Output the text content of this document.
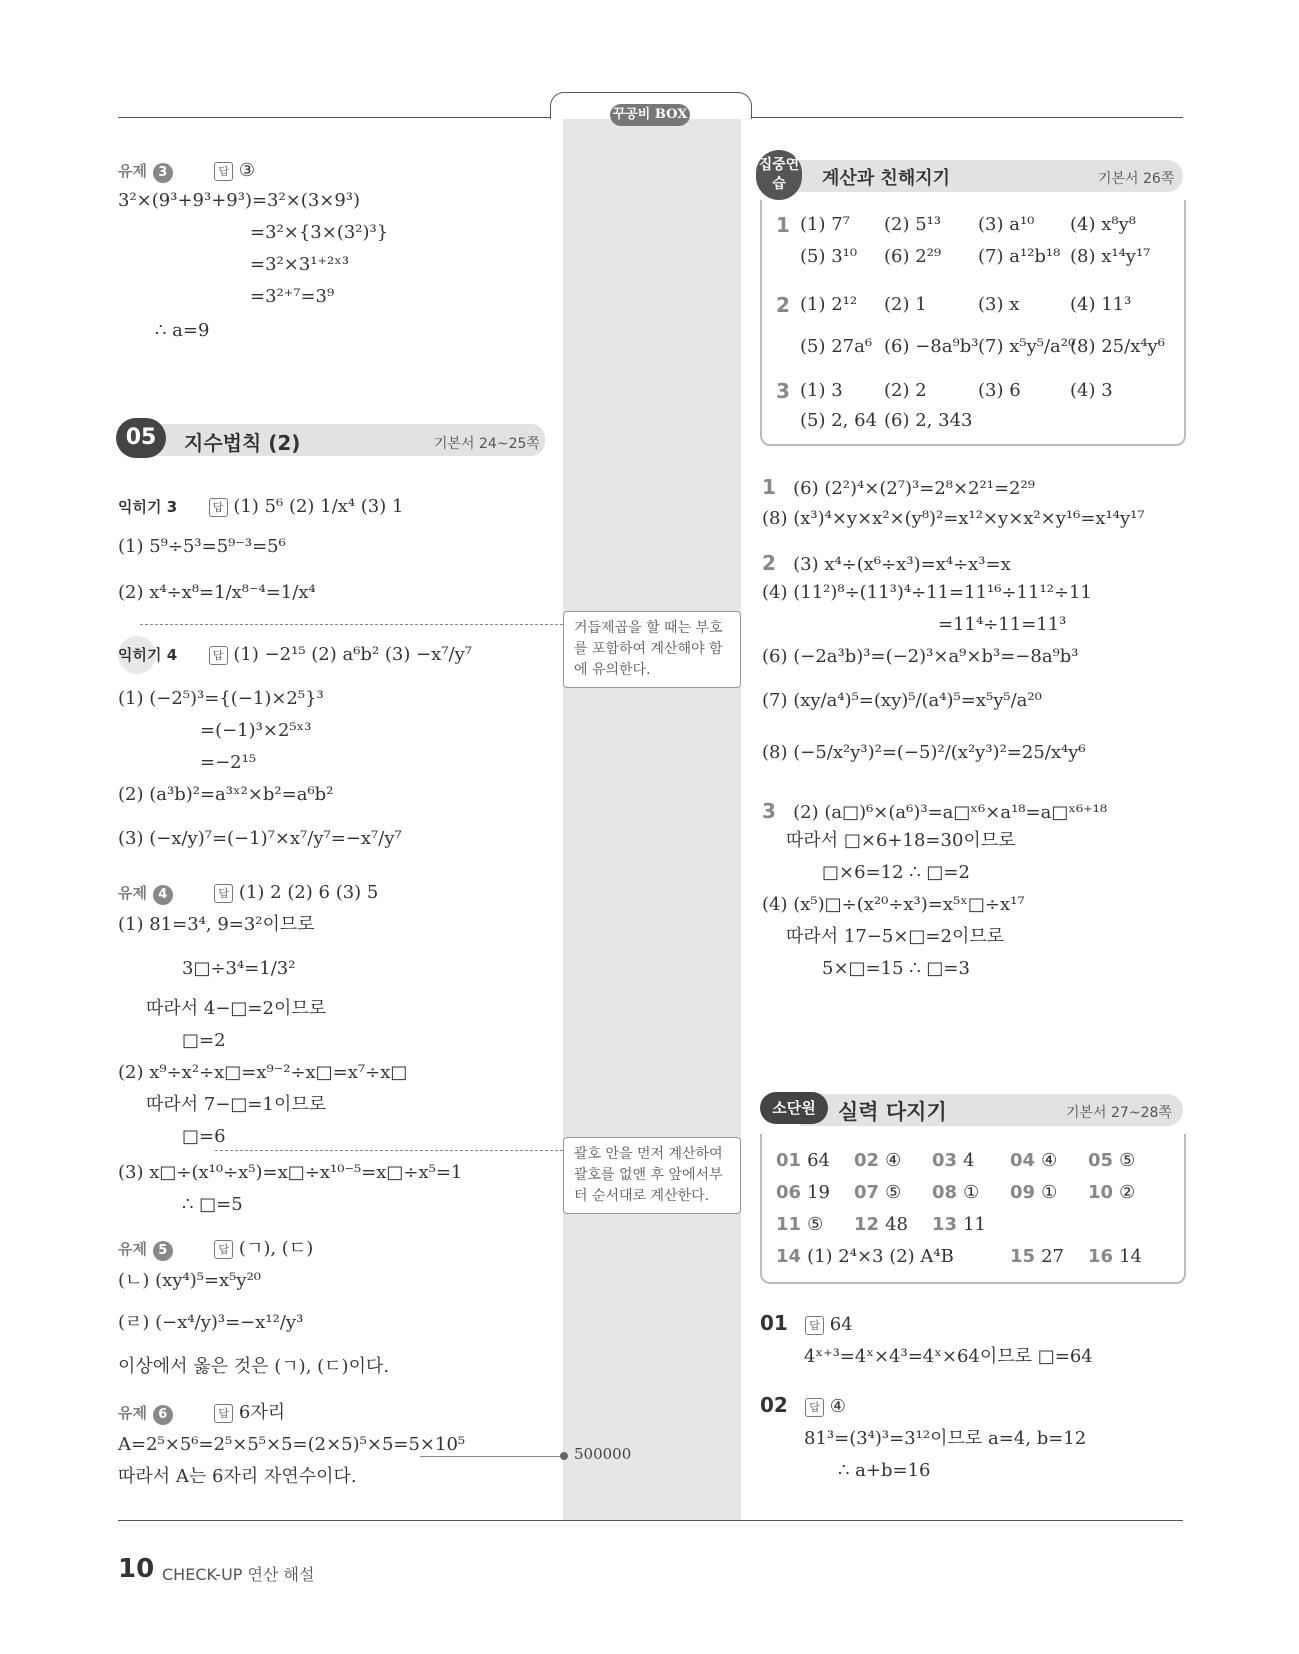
꾸공비 BOX
유제 3	답 ③
3²×(9³+9³+9³)=3²×(3×9³)
=3²×{3×(3²)³}
=3²×3¹⁺²ˣ³
=3²⁺⁷=3⁹
∴ a=9
05	지수법칙 (2)	기본서 24~25쪽
익히기 3	답 (1) 5⁶ (2) 1/x⁴ (3) 1
(1) 5⁹÷5³=5⁹⁻³=5⁶
(2) x⁴÷x⁸=1/x⁸⁻⁴=1/x⁴
익히기 4	답 (1) −2¹⁵ (2) a⁶b² (3) −x⁷/y⁷
(1) (−2⁵)³={(−1)×2⁵}³
=(−1)³×2⁵ˣ³
=−2¹⁵
(2) (a³b)²=a³ˣ²×b²=a⁶b²
(3) (−x/y)⁷=(−1)⁷×x⁷/y⁷=−x⁷/y⁷
유제 4	답 (1) 2 (2) 6 (3) 5
(1) 81=3⁴, 9=3²이므로
3□÷3⁴=1/3²
따라서 4−□=2이므로
□=2
(2) x⁹÷x²÷x□=x⁹⁻²÷x□=x⁷÷x□
따라서 7−□=1이므로
□=6
(3) x□÷(x¹⁰÷x⁵)=x□÷x¹⁰⁻⁵=x□÷x⁵=1
∴ □=5
유제 5	답 (ㄱ), (ㄷ)
(ㄴ) (xy⁴)⁵=x⁵y²⁰
(ㄹ) (−x⁴/y)³=−x¹²/y³
이상에서 옳은 것은 (ㄱ), (ㄷ)이다.
유제 6	답 6자리
A=2⁵×5⁶=2⁵×5⁵×5=(2×5)⁵×5=5×10⁵
따라서 A는 6자리 자연수이다.
거듭제곱을 할 때는 부호를 포함하여 계산해야 함에 유의한다.
괄호 안을 먼저 계산하여 괄호를 없앤 후 앞에서부터 순서대로 계산한다.
500000
집중연습	계산과 친해지기	기본서 26쪽
1 (1) 7⁷ (2) 5¹³ (3) a¹⁰ (4) x⁸y⁸
(5) 3¹⁰ (6) 2²⁹ (7) a¹²b¹⁸ (8) x¹⁴y¹⁷
2 (1) 2¹² (2) 1	(3) x	(4) 11³
(5) 27a⁶ (6) −8a⁹b³ (7) x⁵y⁵/a²⁰
(8) 25/x⁴y⁶
3 (1) 3 (2) 2	(3) 6	(4) 3
(5) 2, 64 (6) 2, 343
1 (6) (2²)⁴×(2⁷)³=2⁸×2²¹=2²⁹
(8) (x³)⁴×y×x²×(y⁸)²=x¹²×y×x²×y¹⁶=x¹⁴y¹⁷
2 (3) x⁴÷(x⁶÷x³)=x⁴÷x³=x
(4) (11²)⁸÷(11³)⁴÷11=11¹⁶÷11¹²÷11
=11⁴÷11=11³
(6) (−2a³b)³=(−2)³×a⁹×b³=−8a⁹b³
(7) (xy/a⁴)⁵=(xy)⁵/(a⁴)⁵=x⁵y⁵/a²⁰
(8) (−5/x²y³)²=(−5)²/(x²y³)²=25/x⁴y⁶
3 (2) (a□)⁶×(a⁶)³=a□ˣ⁶×a¹⁸=a□ˣ⁶⁺¹⁸
따라서 □×6+18=30이므로
□×6=12 ∴ □=2
(4) (x⁵)□÷(x²⁰÷x³)=x⁵ˣ□÷x¹⁷
따라서 17−5×□=2이므로
5×□=15 ∴ □=3
소단원	실력 다지기	기본서 27~28쪽
01 64 02 ④ 03 4 04 ④ 05 ⑤
06 19 07 ⑤ 08 ① 09 ① 10 ②
11 ⑤ 12 48 13 11
14 (1) 2⁴×3 (2) A⁴B	15 27 16 14
01 답 64
4ˣ⁺³=4ˣ×4³=4ˣ×64이므로 □=64
02 답 ④
81³=(3⁴)³=3¹²이므로 a=4, b=12
∴ a+b=16
10 CHECK-UP 연산 해설
